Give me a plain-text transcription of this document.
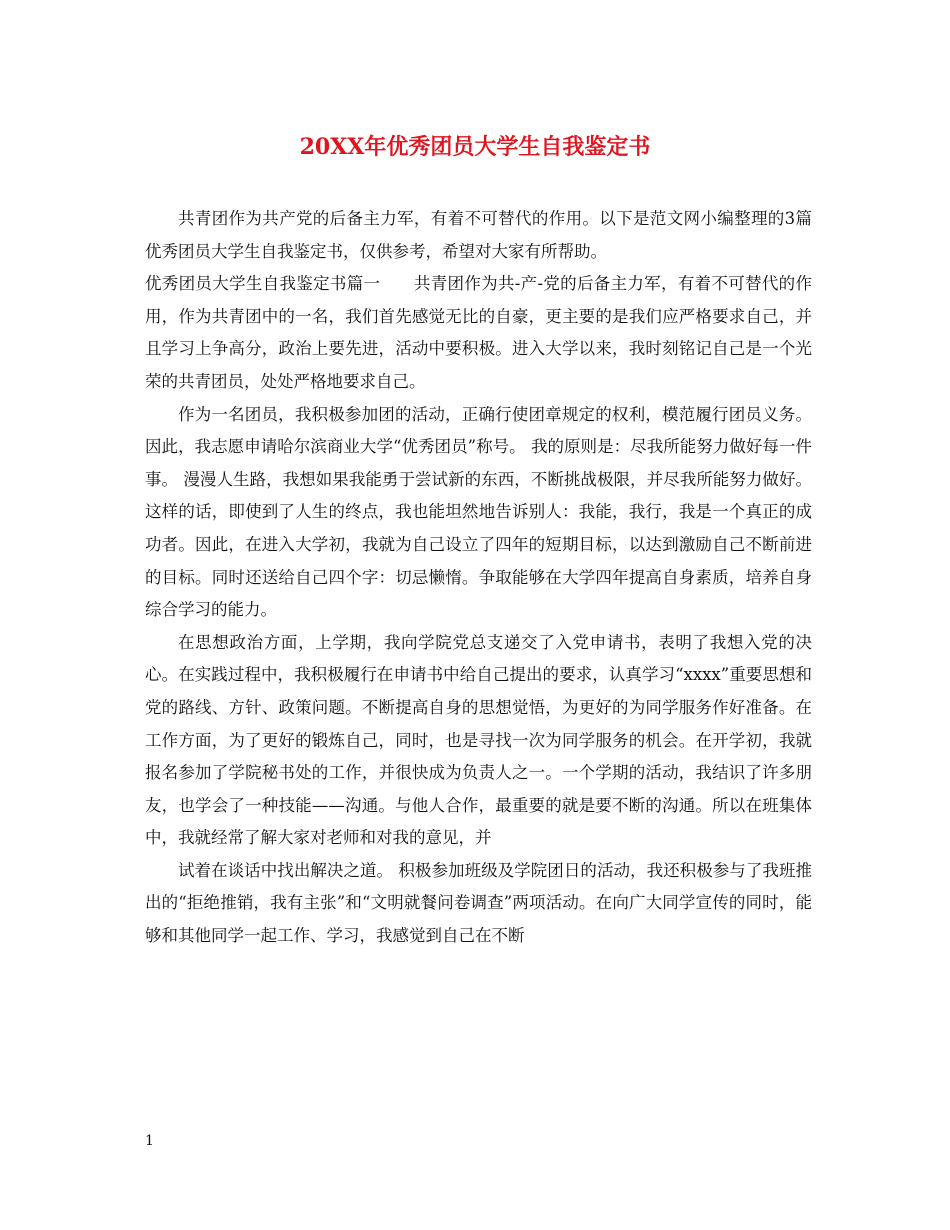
20XX年优秀团员大学生自我鉴定书

共青团作为共产党的后备主力军，有着不可替代的作用。以下是范文网小编整理的3篇优秀团员大学生自我鉴定书，仅供参考，希望对大家有所帮助。

优秀团员大学生自我鉴定书篇一　　共青团作为共-产-党的后备主力军，有着不可替代的作用，作为共青团中的一名，我们首先感觉无比的自豪，更主要的是我们应严格要求自己，并且学习上争高分，政治上要先进，活动中要积极。进入大学以来，我时刻铭记自己是一个光荣的共青团员，处处严格地要求自己。

作为一名团员，我积极参加团的活动，正确行使团章规定的权利，模范履行团员义务。因此，我志愿申请哈尔滨商业大学“优秀团员”称号。 我的原则是：尽我所能努力做好每一件事。 漫漫人生路，我想如果我能勇于尝试新的东西，不断挑战极限，并尽我所能努力做好。这样的话，即使到了人生的终点，我也能坦然地告诉别人：我能，我行，我是一个真正的成功者。因此，在进入大学初，我就为自己设立了四年的短期目标，以达到激励自己不断前进的目标。同时还送给自己四个字：切忌懒惰。争取能够在大学四年提高自身素质，培养自身综合学习的能力。

在思想政治方面，上学期，我向学院党总支递交了入党申请书，表明了我想入党的决心。在实践过程中，我积极履行在申请书中给自己提出的要求，认真学习“xxxx”重要思想和党的路线、方针、政策问题。不断提高自身的思想觉悟，为更好的为同学服务作好准备。在工作方面，为了更好的锻炼自己，同时，也是寻找一次为同学服务的机会。在开学初，我就报名参加了学院秘书处的工作，并很快成为负责人之一。一个学期的活动，我结识了许多朋友，也学会了一种技能——沟通。与他人合作，最重要的就是要不断的沟通。所以在班集体中，我就经常了解大家对老师和对我的意见，并

试着在谈话中找出解决之道。 积极参加班级及学院团日的活动，我还积极参与了我班推出的“拒绝推销，我有主张”和“文明就餐问卷调查”两项活动。在向广大同学宣传的同时，能够和其他同学一起工作、学习，我感觉到自己在不断

1
